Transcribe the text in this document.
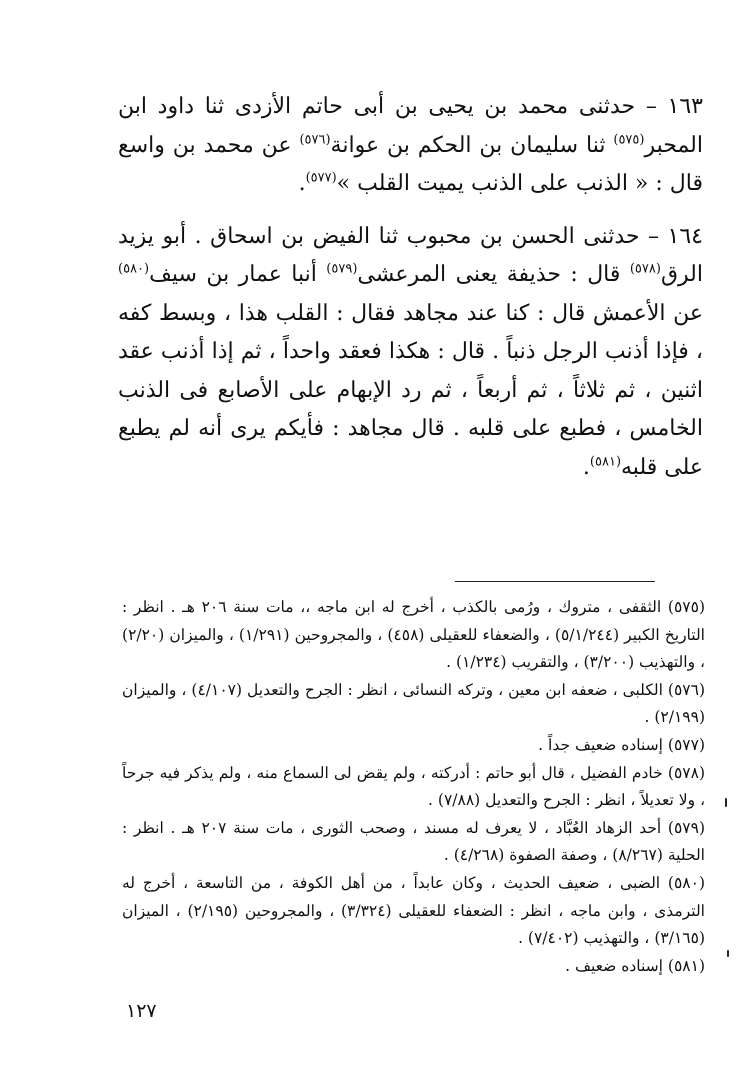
١٦٣ – حدثنى محمد بن يحيى بن أبى حاتم الأزدى ثنا داود ابن المحبر$^{(٥٧٥)}$ ثنا سليمان بن الحكم بن عوانة$^{(٥٧٦)}$ عن محمد بن واسع قال : « الذنب على الذنب يميت القلب »$^{(٥٧٧)}$.

١٦٤ – حدثنى الحسن بن محبوب ثنا الفيض بن اسحاق . أبو يزيد الرق$^{(٥٧٨)}$ قال : حذيفة يعنى المرعشى$^{(٥٧٩)}$ أنبا عمار بن سيف$^{(٥٨٠)}$ عن الأعمش قال : كنا عند مجاهد فقال : القلب هذا ، وبسط كفه ، فإذا أذنب الرجل ذنباً . قال : هكذا فعقد واحداً ، ثم إذا أذنب عقد اثنين ، ثم ثلاثاً ، ثم أربعاً ، ثم رد الإبهام على الأصابع فى الذنب الخامس ، فطبع على قلبه . قال مجاهد : فأيكم يرى أنه لم يطبع على قلبه$^{(٥٨١)}$.

(٥٧٥) الثقفى ، متروك ، ورُمى بالكذب ، أخرج له ابن ماجه ،، مات سنة ٢٠٦ هـ . انظر : التاريخ الكبير (٥/١/٢٤٤) ، والضعفاء للعقيلى (٤٥٨) ، والمجروحين (١/٢٩١) ، والميزان (٢/٢٠) ، والتهذيب (٣/٢٠٠) ، والتقريب (١/٢٣٤) .
(٥٧٦) الكلبى ، ضعفه ابن معين ، وتركه النسائى ، انظر : الجرح والتعديل (٤/١٠٧) ، والميزان (٢/١٩٩) .
(٥٧٧) إسناده ضعيف جداً .
(٥٧٨) خادم الفضيل ، قال أبو حاتم : أدركته ، ولم يقض لى السماع منه ، ولم يذكر فيه جرحاً ، ولا تعديلاً ، انظر : الجرح والتعديل (٧/٨٨) .
(٥٧٩) أحد الزهاد العُبَّاد ، لا يعرف له مسند ، وصحب الثورى ، مات سنة ٢٠٧ هـ . انظر : الحلية (٨/٢٦٧) ، وصفة الصفوة (٤/٢٦٨) .
(٥٨٠) الضبى ، ضعيف الحديث ، وكان عابداً ، من أهل الكوفة ، من التاسعة ، أخرج له الترمذى ، وابن ماجه ، انظر : الضعفاء للعقيلى (٣/٣٢٤) ، والمجروحين (٢/١٩٥) ، الميزان (٣/١٦٥) ، والتهذيب (٧/٤٠٢) .
(٥٨١) إسناده ضعيف .
١٢٧
